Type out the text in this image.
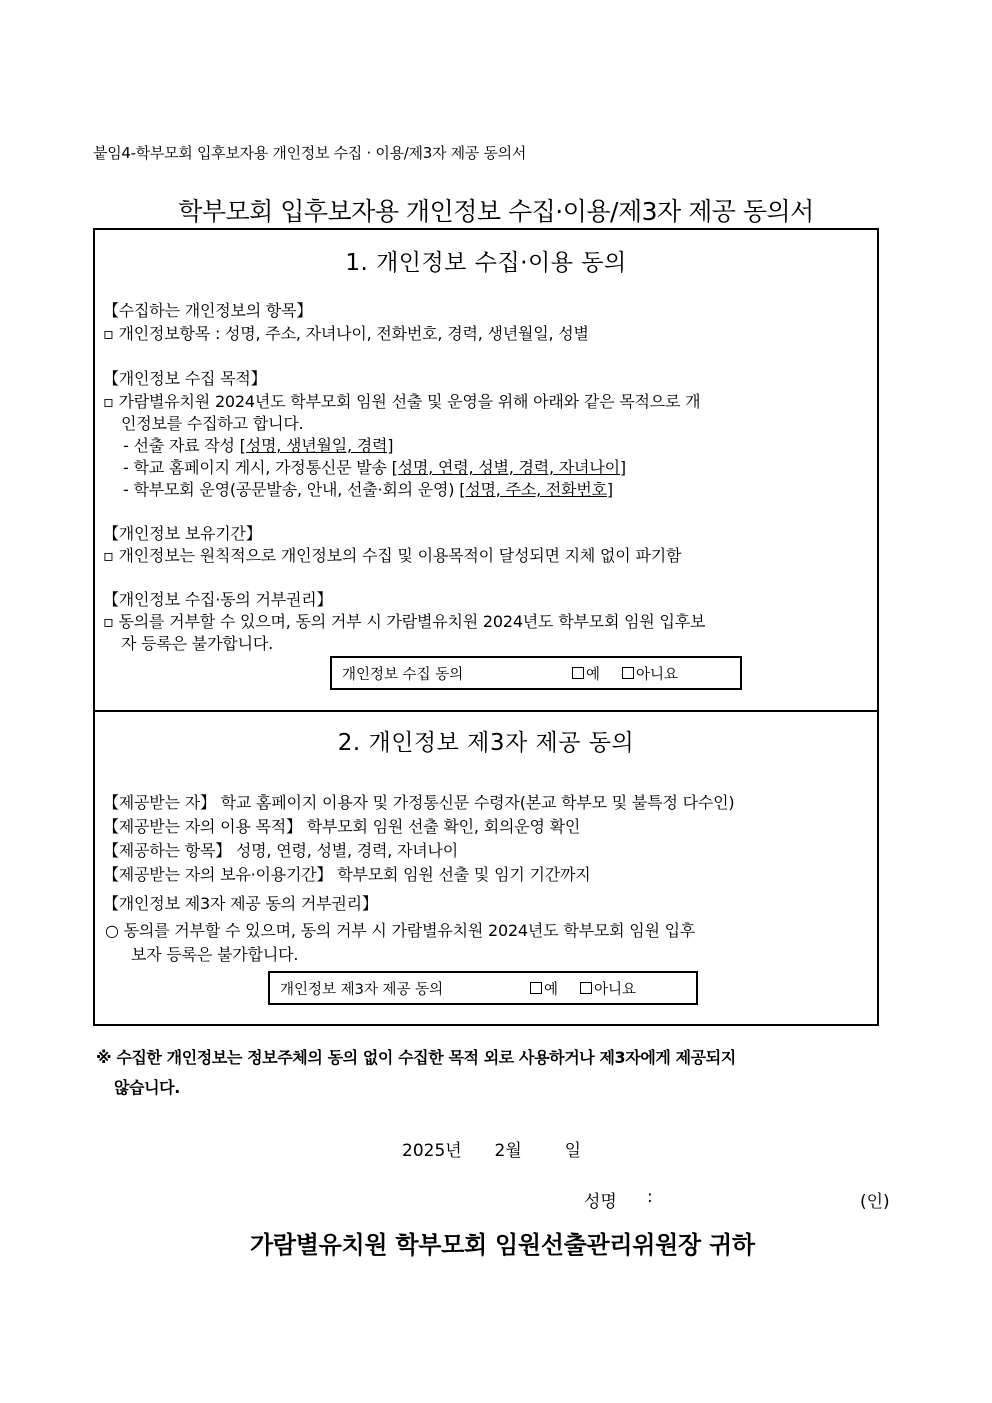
붙임4-학부모회 입후보자용 개인정보 수집 · 이용/제3자 제공 동의서
학부모회 입후보자용 개인정보 수집·이용/제3자 제공 동의서
1. 개인정보 수집·이용 동의
【수집하는 개인정보의 항목】
▫ 개인정보항목 : 성명, 주소, 자녀나이, 전화번호, 경력, 생년월일, 성별
【개인정보 수집 목적】
▫ 가람별유치원 2024년도 학부모회 임원 선출 및 운영을 위해 아래와 같은 목적으로 개
인정보를 수집하고 합니다.
- 선출 자료 작성 [성명, 생년월일, 경력]
- 학교 홈페이지 게시, 가정통신문 발송 [성명, 연령, 성별, 경력, 자녀나이]
- 학부모회 운영(공문발송, 안내, 선출·회의 운영) [성명, 주소, 전화번호]
【개인정보 보유기간】
▫ 개인정보는 원칙적으로 개인정보의 수집 및 이용목적이 달성되면 지체 없이 파기함
【개인정보 수집·동의 거부권리】
▫ 동의를 거부할 수 있으며, 동의 거부 시 가람별유치원 2024년도 학부모회 임원 입후보
자 등록은 불가합니다.
개인정보 수집 동의	예 아니요
2. 개인정보 제3자 제공 동의
【제공받는 자】 학교 홈페이지 이용자 및 가정통신문 수령자(본교 학부모 및 불특정 다수인)
【제공받는 자의 이용 목적】 학부모회 임원 선출 확인, 회의운영 확인
【제공하는 항목】 성명, 연령, 성별, 경력, 자녀나이
【제공받는 자의 보유·이용기간】 학부모회 임원 선출 및 임기 기간까지
【개인정보 제3자 제공 동의 거부권리】
○ 동의를 거부할 수 있으며, 동의 거부 시 가람별유치원 2024년도 학부모회 임원 입후
보자 등록은 불가합니다.
개인정보 제3자 제공 동의	예 아니요
※ 수집한 개인정보는 정보주체의 동의 없이 수집한 목적 외로 사용하거나 제3자에게 제공되지
않습니다.
2025년 2월	일
성명 :	(인)
가람별유치원 학부모회 임원선출관리위원장 귀하
